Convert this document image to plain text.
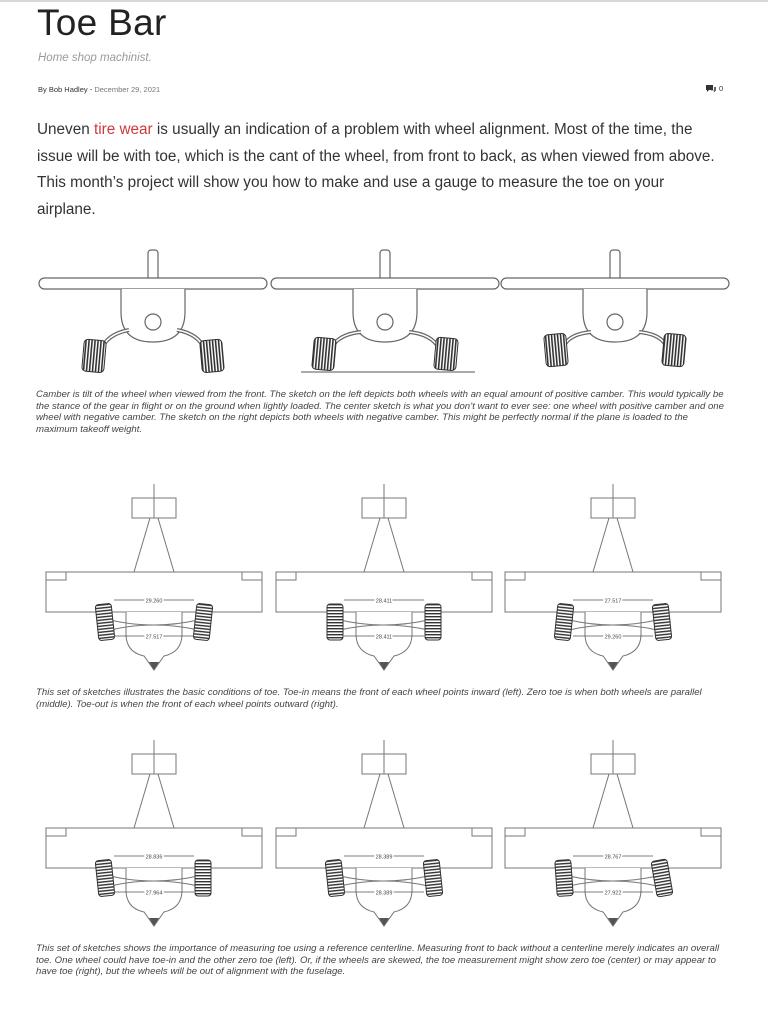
Toe Bar
Home shop machinist.
By Bob Hadley - December 29, 2021	0

Uneven tire wear is usually an indication of a problem with wheel alignment. Most of the time, the issue will be with toe, which is the cant of the wheel, from front to back, as when viewed from above. This month’s project will show you how to make and use a gauge to measure the toe on your airplane.

Camber is tilt of the wheel when viewed from the front. The sketch on the left depicts both wheels with an equal amount of positive camber. This would typically be the stance of the gear in flight or on the ground when lightly loaded. The center sketch is what you don’t want to ever see: one wheel with positive camber and one wheel with negative camber. The sketch on the right depicts both wheels with negative camber. This might be perfectly normal if the plane is loaded to the maximum takeoff weight.

29.260
27.517
28.411
28.411
27.517
29.260

This set of sketches illustrates the basic conditions of toe. Toe-in means the front of each wheel points inward (left). Zero toe is when both wheels are parallel (middle). Toe-out is when the front of each wheel points outward (right).

28.836
27.964
28.389
28.389
28.767
27.922

This set of sketches shows the importance of measuring toe using a reference centerline. Measuring front to back without a centerline merely indicates an overall toe. One wheel could have toe-in and the other zero toe (left). Or, if the wheels are skewed, the toe measurement might show zero toe (center) or may appear to have toe (right), but the wheels will be out of alignment with the fuselage.
